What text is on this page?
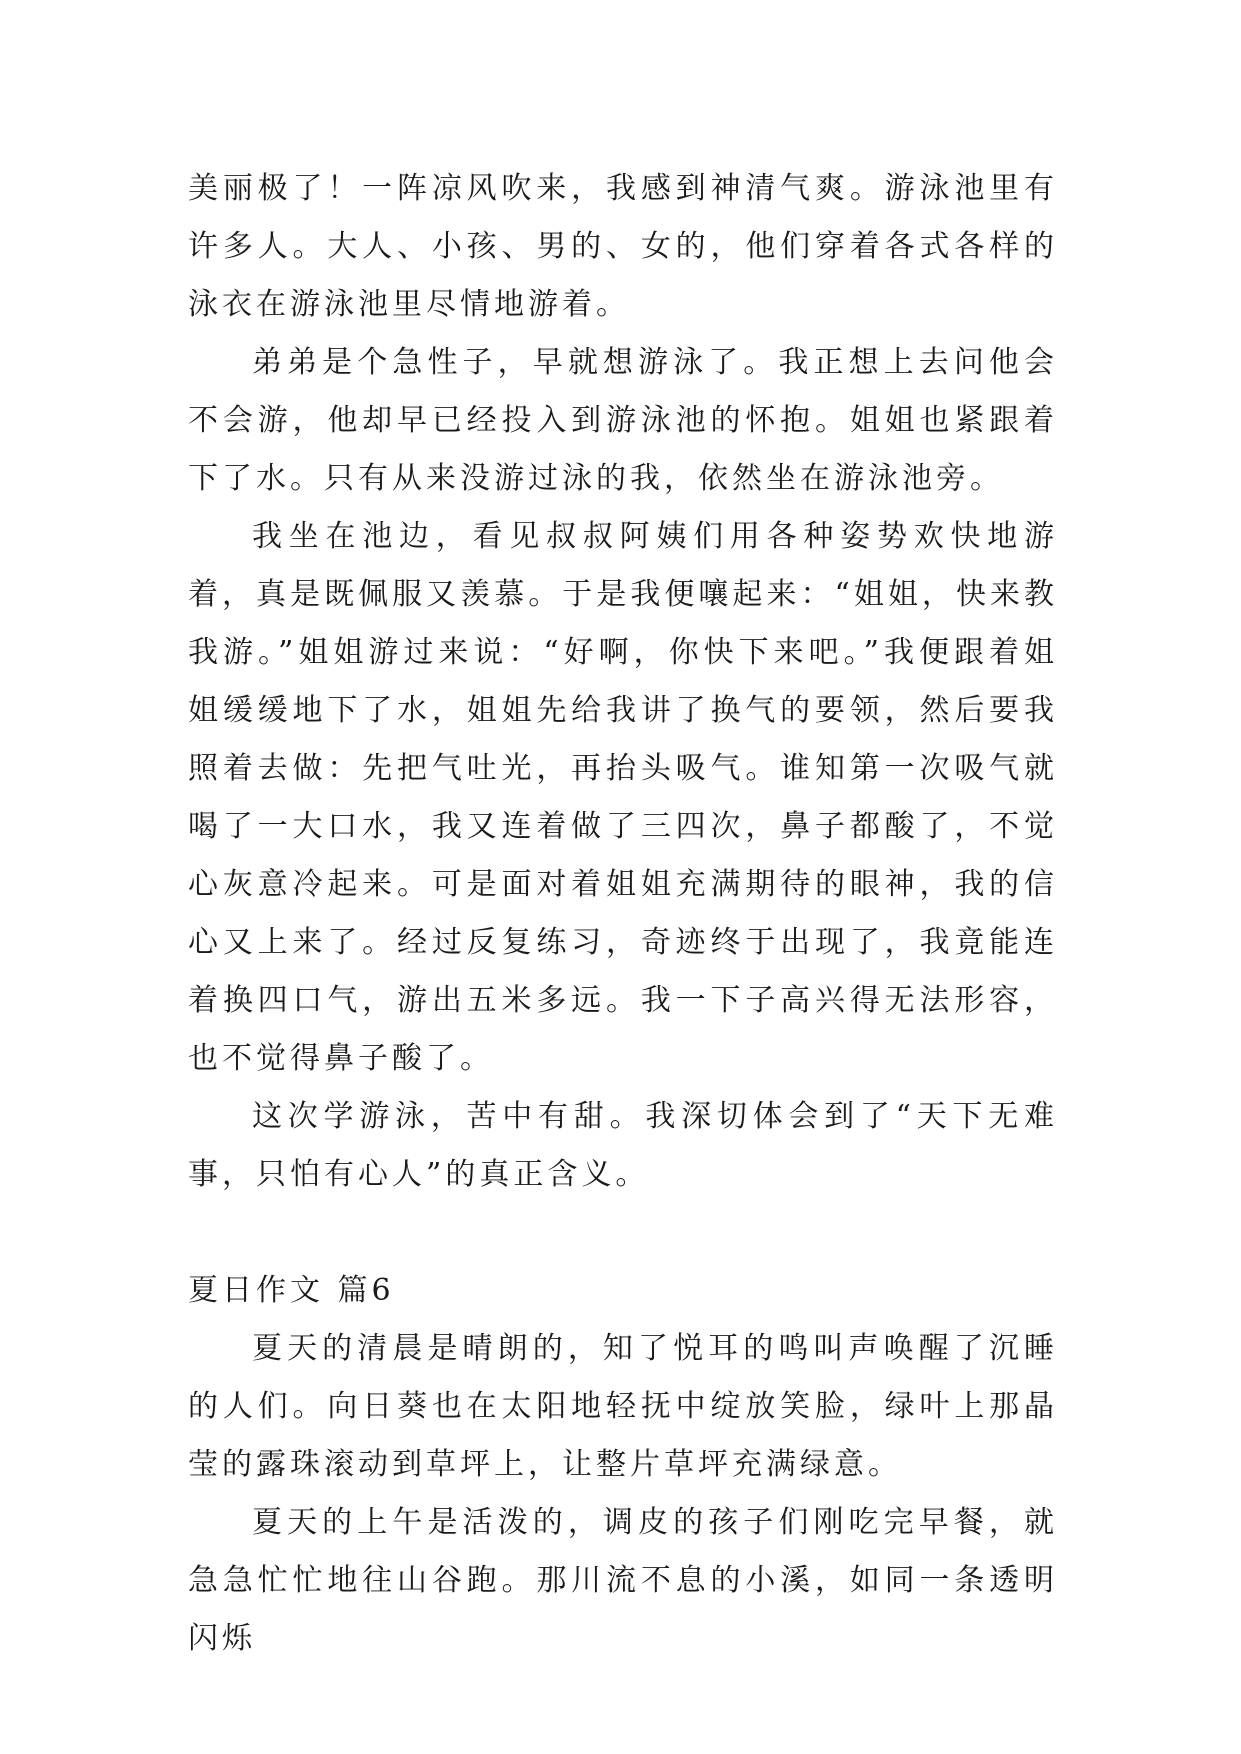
美丽极了！一阵凉风吹来，我感到神清气爽。游泳池里有许多人。大人、小孩、男的、女的，他们穿着各式各样的泳衣在游泳池里尽情地游着。

弟弟是个急性子，早就想游泳了。我正想上去问他会不会游，他却早已经投入到游泳池的怀抱。姐姐也紧跟着下了水。只有从来没游过泳的我，依然坐在游泳池旁。

我坐在池边，看见叔叔阿姨们用各种姿势欢快地游着，真是既佩服又羡慕。于是我便嚷起来：“姐姐，快来教我游。”姐姐游过来说：“好啊，你快下来吧。”我便跟着姐姐缓缓地下了水，姐姐先给我讲了换气的要领，然后要我照着去做：先把气吐光，再抬头吸气。谁知第一次吸气就喝了一大口水，我又连着做了三四次，鼻子都酸了，不觉心灰意冷起来。可是面对着姐姐充满期待的眼神，我的信心又上来了。经过反复练习，奇迹终于出现了，我竟能连着换四口气，游出五米多远。我一下子高兴得无法形容，也不觉得鼻子酸了。

这次学游泳，苦中有甜。我深切体会到了“天下无难事，只怕有心人”的真正含义。

夏日作文 篇6

夏天的清晨是晴朗的，知了悦耳的鸣叫声唤醒了沉睡的人们。向日葵也在太阳地轻抚中绽放笑脸，绿叶上那晶莹的露珠滚动到草坪上，让整片草坪充满绿意。

夏天的上午是活泼的，调皮的孩子们刚吃完早餐，就急急忙忙地往山谷跑。那川流不息的小溪，如同一条透明闪烁
